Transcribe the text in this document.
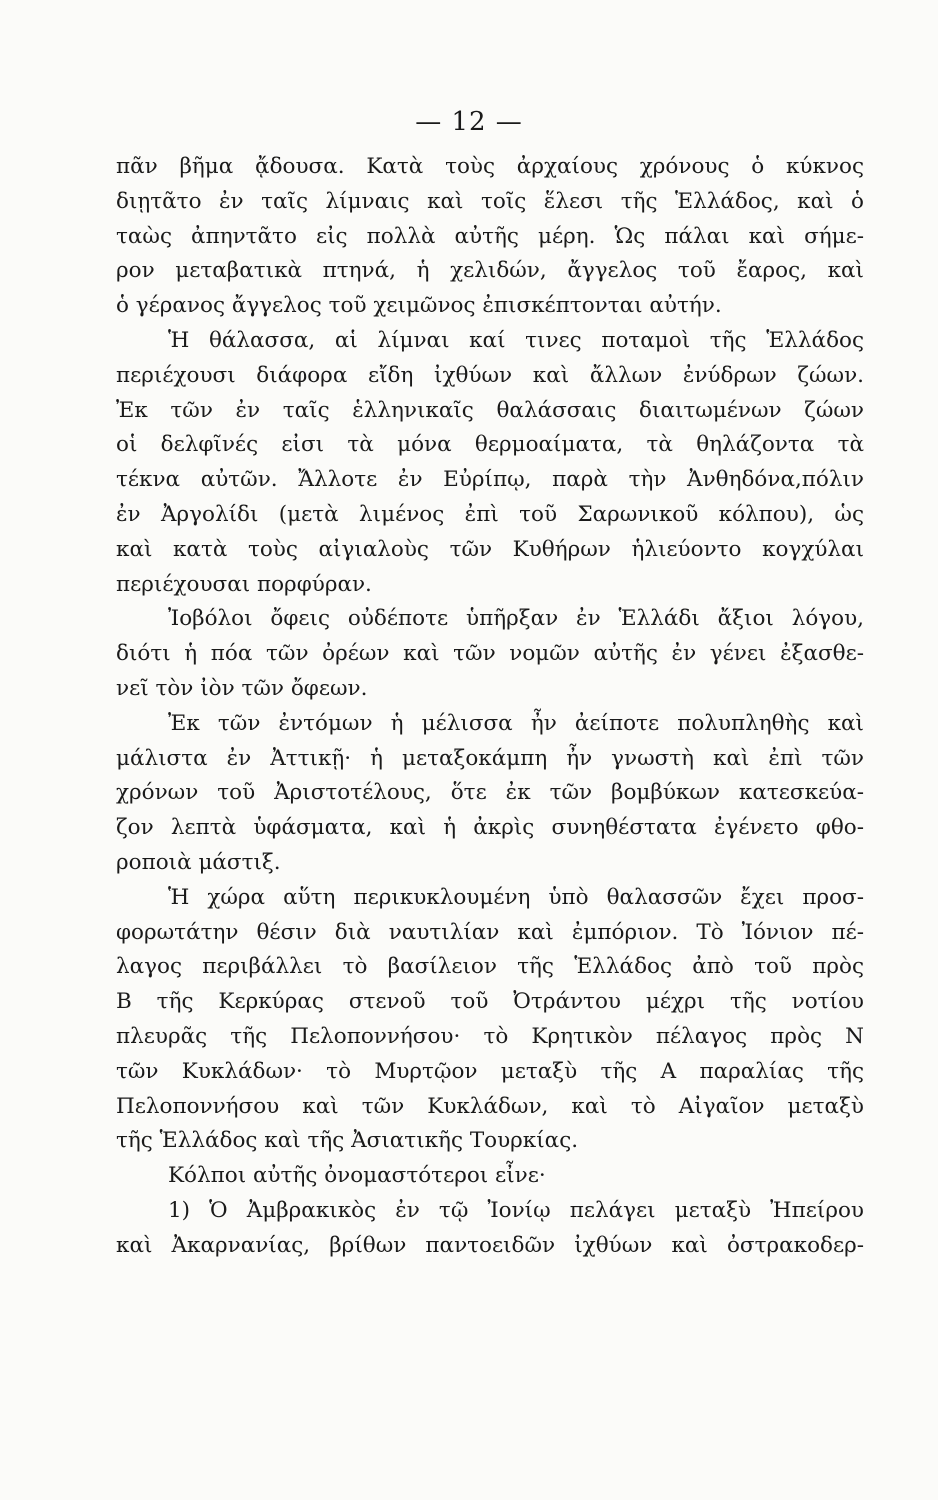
— 12 —
πᾶν βῆμα ᾄδουσα. Κατὰ τοὺς ἀρχαίους χρόνους ὁ κύκνος
διῃτᾶτο ἐν ταῖς λίμναις καὶ τοῖς ἕλεσι τῆς Ἑλλάδος, καὶ ὁ
ταὼς ἀπηντᾶτο εἰς πολλὰ αὐτῆς μέρη. Ὡς πάλαι καὶ σήμε-
ρον μεταβατικὰ πτηνά, ἡ χελιδών, ἄγγελος τοῦ ἔαρος, καὶ
ὁ γέρανος ἄγγελος τοῦ χειμῶνος ἐπισκέπτονται αὐτήν.
Ἡ θάλασσα, αἱ λίμναι καί τινες ποταμοὶ τῆς Ἑλλάδος
περιέχουσι διάφορα εἴδη ἰχθύων καὶ ἄλλων ἐνύδρων ζώων.
Ἐκ τῶν ἐν ταῖς ἑλληνικαῖς θαλάσσαις διαιτωμένων ζώων
οἱ δελφῖνές εἰσι τὰ μόνα θερμοαίματα, τὰ θηλάζοντα τὰ
τέκνα αὐτῶν. Ἄλλοτε ἐν Εὐρίπῳ, παρὰ τὴν Ἀνθηδόνα,πόλιν
ἐν Ἀργολίδι (μετὰ λιμένος ἐπὶ τοῦ Σαρωνικοῦ κόλπου), ὡς
καὶ κατὰ τοὺς αἰγιαλοὺς τῶν Κυθήρων ἡλιεύοντο κογχύλαι
περιέχουσαι πορφύραν.
Ἰοβόλοι ὄφεις οὐδέποτε ὑπῆρξαν ἐν Ἑλλάδι ἄξιοι λόγου,
διότι ἡ πόα τῶν ὀρέων καὶ τῶν νομῶν αὐτῆς ἐν γένει ἐξασθε-
νεῖ τὸν ἰὸν τῶν ὄφεων.
Ἐκ τῶν ἐντόμων ἡ μέλισσα ἦν ἀείποτε πολυπληθὴς καὶ
μάλιστα ἐν Ἀττικῇ· ἡ μεταξοκάμπη ἦν γνωστὴ καὶ ἐπὶ τῶν
χρόνων τοῦ Ἀριστοτέλους, ὅτε ἐκ τῶν βομβύκων κατεσκεύα-
ζον λεπτὰ ὑφάσματα, καὶ ἡ ἀκρὶς συνηθέστατα ἐγένετο φθο-
ροποιὰ μάστιξ.
Ἡ χώρα αὕτη περικυκλουμένη ὑπὸ θαλασσῶν ἔχει προσ-
φορωτάτην θέσιν διὰ ναυτιλίαν καὶ ἐμπόριον. Τὸ Ἰόνιον πέ-
λαγος περιβάλλει τὸ βασίλειον τῆς Ἑλλάδος ἀπὸ τοῦ πρὸς
Β τῆς Κερκύρας στενοῦ τοῦ Ὀτράντου μέχρι τῆς νοτίου
πλευρᾶς τῆς Πελοποννήσου· τὸ Κρητικὸν πέλαγος πρὸς Ν
τῶν Κυκλάδων· τὸ Μυρτῷον μεταξὺ τῆς Α παραλίας τῆς
Πελοποννήσου καὶ τῶν Κυκλάδων, καὶ τὸ Αἰγαῖον μεταξὺ
τῆς Ἑλλάδος καὶ τῆς Ἀσιατικῆς Τουρκίας.
Κόλποι αὐτῆς ὀνομαστότεροι εἶνε·
1) Ὁ Ἀμβρακικὸς ἐν τῷ Ἰονίῳ πελάγει μεταξὺ Ἠπείρου
καὶ Ἀκαρνανίας, βρίθων παντοειδῶν ἰχθύων καὶ ὀστρακοδερ-
